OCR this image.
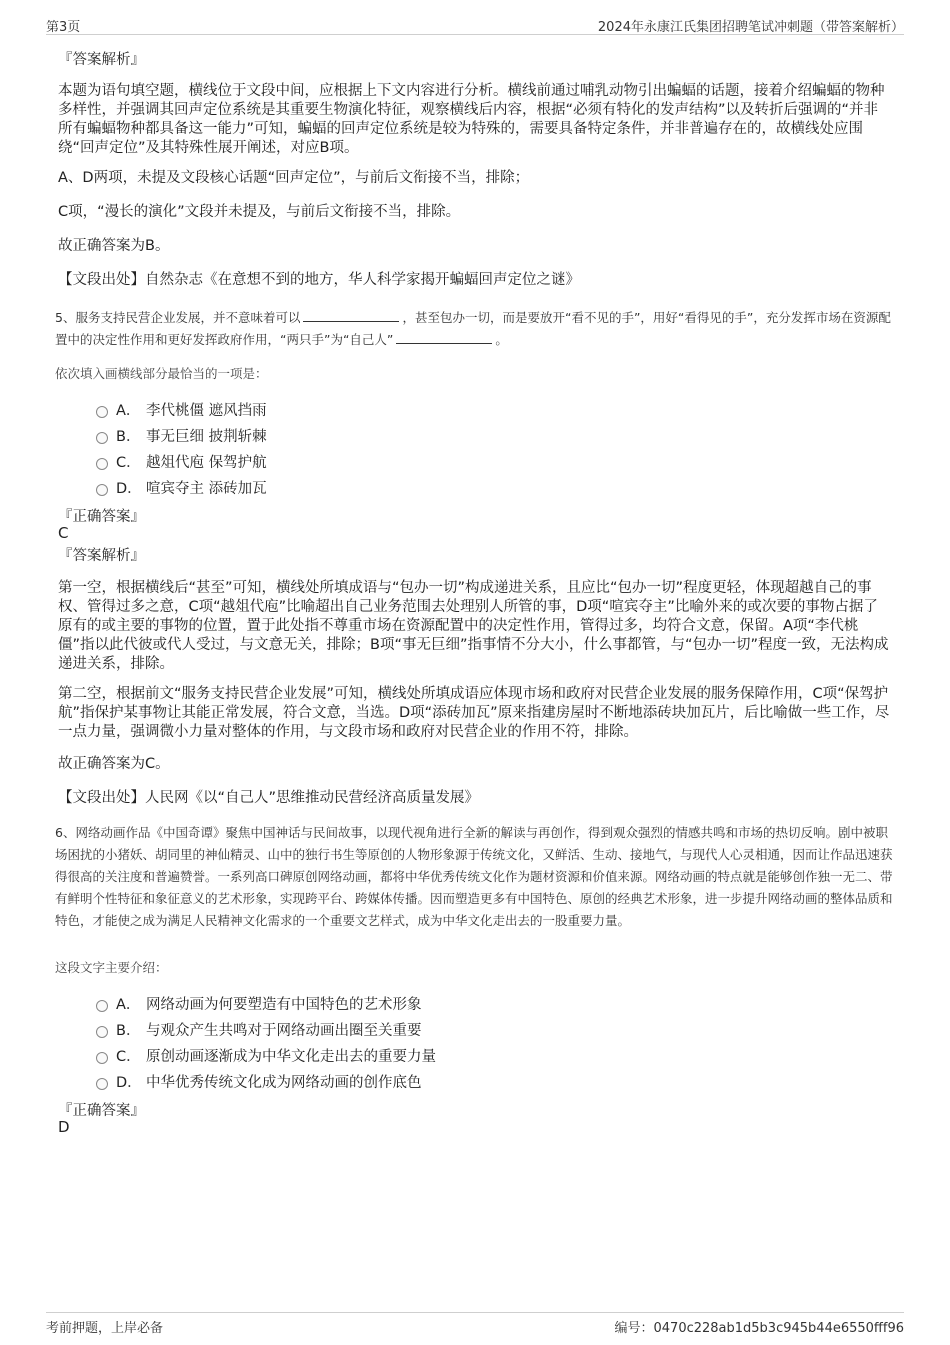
第3页	2024年永康江氏集团招聘笔试冲刺题（带答案解析）
『答案解析』
本题为语句填空题，横线位于文段中间，应根据上下文内容进行分析。横线前通过哺乳动物引出蝙蝠的话题，接着介绍蝙蝠的物种多样性，并强调其回声定位系统是其重要生物演化特征，观察横线后内容，根据“必须有特化的发声结构”以及转折后强调的“并非所有蝙蝠物种都具备这一能力”可知，蝙蝠的回声定位系统是较为特殊的，需要具备特定条件，并非普遍存在的，故横线处应围绕“回声定位”及其特殊性展开阐述，对应B项。
A、D两项，未提及文段核心话题“回声定位”，与前后文衔接不当，排除；
C项，“漫长的演化”文段并未提及，与前后文衔接不当，排除。
故正确答案为B。
【文段出处】自然杂志《在意想不到的地方，华人科学家揭开蝙蝠回声定位之谜》
5、服务支持民营企业发展，并不意味着可以	，甚至包办一切，而是要放开“看不见的手”，用好“看得见的手”，充分发挥市场在资源配置中的决定性作用和更好发挥政府作用，“两只手”为“自己人”	。
依次填入画横线部分最恰当的一项是：
A． 李代桃僵 遮风挡雨
B． 事无巨细 披荆斩棘
C． 越俎代庖 保驾护航
D． 喧宾夺主 添砖加瓦
『正确答案』
C
『答案解析』
第一空，根据横线后“甚至”可知，横线处所填成语与“包办一切”构成递进关系，且应比“包办一切”程度更轻，体现超越自己的事权、管得过多之意，C项“越俎代庖”比喻超出自己业务范围去处理别人所管的事，D项“喧宾夺主”比喻外来的或次要的事物占据了原有的或主要的事物的位置，置于此处指不尊重市场在资源配置中的决定性作用，管得过多，均符合文意，保留。A项“李代桃僵”指以此代彼或代人受过，与文意无关，排除；B项“事无巨细”指事情不分大小，什么事都管，与“包办一切”程度一致，无法构成递进关系，排除。
第二空，根据前文“服务支持民营企业发展”可知，横线处所填成语应体现市场和政府对民营企业发展的服务保障作用，C项“保驾护航”指保护某事物让其能正常发展，符合文意，当选。D项“添砖加瓦”原来指建房屋时不断地添砖块加瓦片，后比喻做一些工作，尽一点力量，强调微小力量对整体的作用，与文段市场和政府对民营企业的作用不符，排除。
故正确答案为C。
【文段出处】人民网《以“自己人”思维推动民营经济高质量发展》
6、网络动画作品《中国奇谭》聚焦中国神话与民间故事，以现代视角进行全新的解读与再创作，得到观众强烈的情感共鸣和市场的热切反响。剧中被职场困扰的小猪妖、胡同里的神仙精灵、山中的独行书生等原创的人物形象源于传统文化，又鲜活、生动、接地气，与现代人心灵相通，因而让作品迅速获得很高的关注度和普遍赞誉。一系列高口碑原创网络动画，都将中华优秀传统文化作为题材资源和价值来源。网络动画的特点就是能够创作独一无二、带有鲜明个性特征和象征意义的艺术形象，实现跨平台、跨媒体传播。因而塑造更多有中国特色、原创的经典艺术形象，进一步提升网络动画的整体品质和特色，才能使之成为满足人民精神文化需求的一个重要文艺样式，成为中华文化走出去的一股重要力量。
这段文字主要介绍：
A． 网络动画为何要塑造有中国特色的艺术形象
B． 与观众产生共鸣对于网络动画出圈至关重要
C． 原创动画逐渐成为中华文化走出去的重要力量
D． 中华优秀传统文化成为网络动画的创作底色
『正确答案』
D
考前押题，上岸必备	编号：0470c228ab1d5b3c945b44e6550fff96
